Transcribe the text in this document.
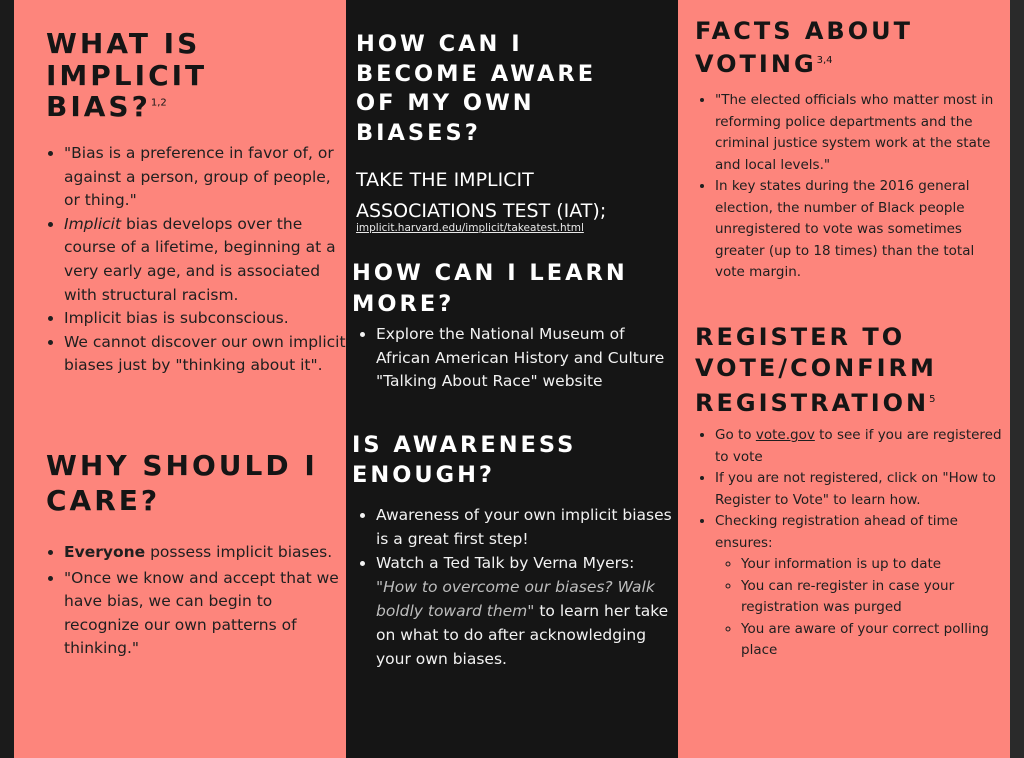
WHAT IS IMPLICIT BIAS?$^{1,2}$
• "Bias is a preference in favor of, or against a person, group of people, or thing."
• Implicit bias develops over the course of a lifetime, beginning at a very early age, and is associated with structural racism.
• Implicit bias is subconscious.
• We cannot discover our own implicit biases just by "thinking about it".
WHY SHOULD I CARE?
• Everyone possess implicit biases.
• "Once we know and accept that we have bias, we can begin to recognize our own patterns of thinking."
HOW CAN I BECOME AWARE OF MY OWN BIASES?
TAKE THE IMPLICIT ASSOCIATIONS TEST (IAT);
implicit.harvard.edu/implicit/takeatest.html
HOW CAN I LEARN MORE?
• Explore the National Museum of African American History and Culture "Talking About Race" website
IS AWARENESS ENOUGH?
• Awareness of your own implicit biases is a great first step!
• Watch a Ted Talk by Verna Myers: "How to overcome our biases? Walk boldly toward them" to learn her take on what to do after acknowledging your own biases.
FACTS ABOUT VOTING$^{3,4}$
• "The elected officials who matter most in reforming police departments and the criminal justice system work at the state and local levels."
• In key states during the 2016 general election, the number of Black people unregistered to vote was sometimes greater (up to 18 times) than the total vote margin.
REGISTER TO VOTE/CONFIRM REGISTRATION$^5$
• Go to vote.gov to see if you are registered to vote
• If you are not registered, click on "How to Register to Vote" to learn how.
• Checking registration ahead of time ensures:
◦ Your information is up to date
◦ You can re-register in case your registration was purged
◦ You are aware of your correct polling place
